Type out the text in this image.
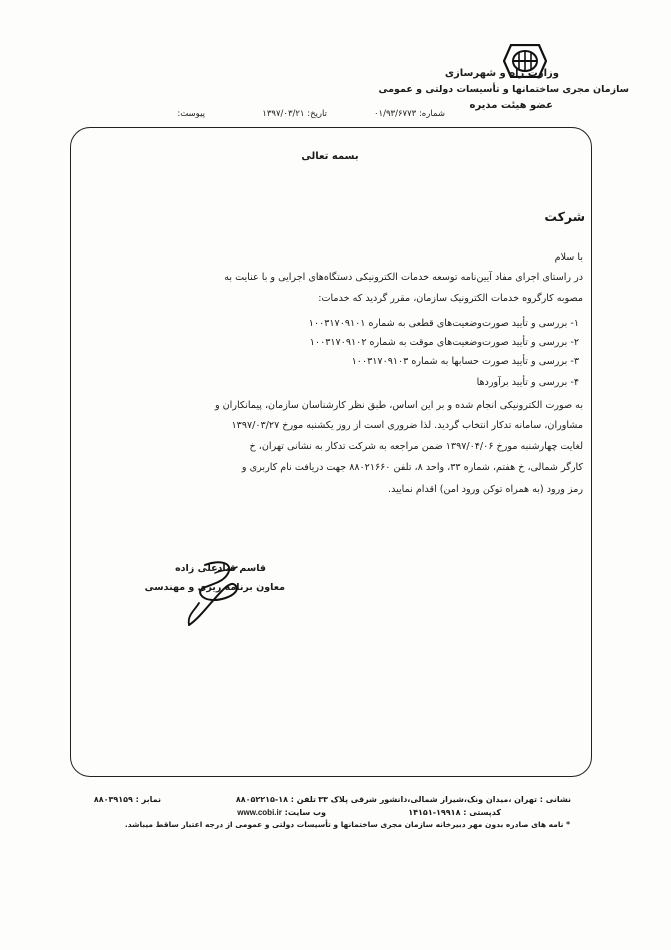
وزارت راه و شهرسازی
سازمان مجری ساختمانها و تأسیسات دولتی و عمومی
عضو هیئت مدیره
شماره: ۰۱/۹۳/۶۷۷۳
تاریخ: ۱۳۹۷/۰۳/۲۱
پیوست:
بسمه تعالی
شرکت
با سلام
در راستای اجرای مفاد آیین‌نامه توسعه خدمات الکترونیکی دستگاه‌های اجرایی و با عنایت به
مصوبه کارگروه خدمات الکترونیک سازمان، مقرر گردید که خدمات:
۱- بررسی و تأیید صورت‌وضعیت‌های قطعی به شماره ۱۰۰۳۱۷۰۹۱۰۱
۲- بررسی و تأیید صورت‌وضعیت‌های موقت به شماره ۱۰۰۳۱۷۰۹۱۰۲
۳- بررسی و تأیید صورت حسابها به شماره ۱۰۰۳۱۷۰۹۱۰۳
۴- بررسی و تأیید برآوردها
به صورت الکترونیکی انجام شده و بر این اساس، طبق نظر کارشناسان سازمان، پیمانکاران و
مشاوران، سامانه تدکار انتخاب گردید. لذا ضروری است از روز یکشنبه مورخ ۱۳۹۷/۰۳/۲۷
لغایت چهارشنبه مورخ ۱۳۹۷/۰۴/۰۶ ضمن مراجعه به شرکت تدکار به نشانی تهران، خ
کارگر شمالی، خ هفتم، شماره ۳۳، واحد ۸، تلفن ۸۸۰۲۱۶۶۰ جهت دریافت نام کاربری و
رمز ورود (به همراه توکن ورود امن) اقدام نمایید.
قاسم قبادعلی زاده
معاون برنامه ریزی و مهندسی
نشانی : تهران ،میدان ونک،شیراز شمالی،دانشور شرقی پلاک ۳۳
تلفن : ۱۸-۸۸۰۵۲۲۱۵
نمابر : ۸۸۰۳۹۱۵۹
کدپستی : ۱۹۹۱۸-۱۴۱۵۱
وب سایت: www.cobi.ir
* نامه های صادره بدون مهر دبیرخانه سازمان مجری ساختمانها و تأسیسات دولتی و عمومی از درجه اعتبار ساقط میباشد.
